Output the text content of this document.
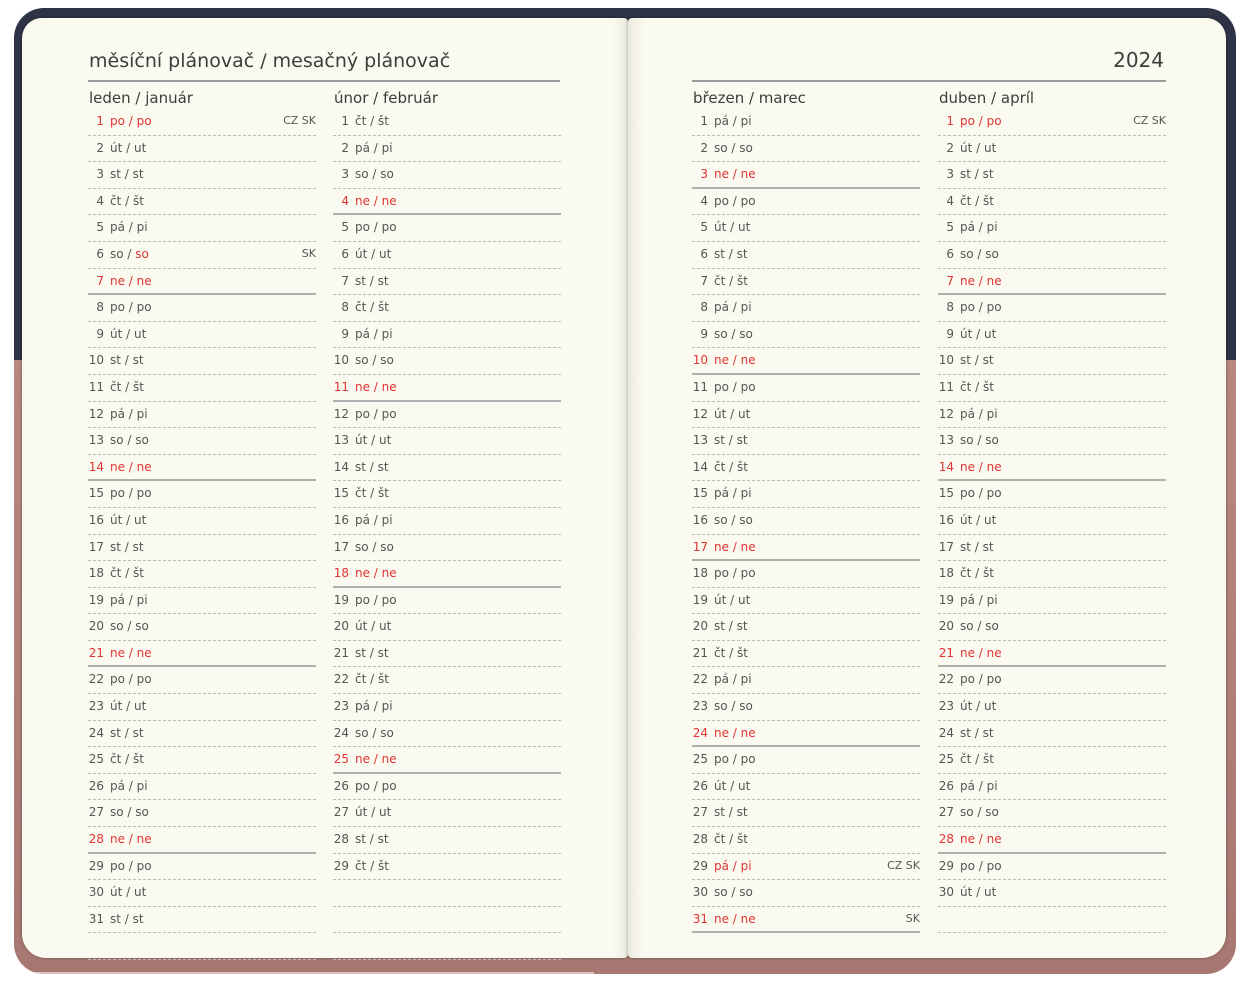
měsíční plánovač / mesačný plánovač	2024
leden / január
1 po / po	CZ SK
2 út / ut
3 st / st
4 čt / št
5 pá / pi
6 so / so	SK
7 ne / ne
8 po / po
9 út / ut
10 st / st
11 čt / št
12 pá / pi
13 so / so
14 ne / ne
15 po / po
16 út / ut
17 st / st
18 čt / št
19 pá / pi
20 so / so
21 ne / ne
22 po / po
23 út / ut
24 st / st
25 čt / št
26 pá / pi
27 so / so
28 ne / ne
29 po / po
30 út / ut
31 st / st
únor / február
1 čt / št
2 pá / pi
3 so / so
4 ne / ne
5 po / po
6 út / ut
7 st / st
8 čt / št
9 pá / pi
10 so / so
11 ne / ne
12 po / po
13 út / ut
14 st / st
15 čt / št
16 pá / pi
17 so / so
18 ne / ne
19 po / po
20 út / ut
21 st / st
22 čt / št
23 pá / pi
24 so / so
25 ne / ne
26 po / po
27 út / ut
28 st / st
29 čt / št
březen / marec
1 pá / pi
2 so / so
3 ne / ne
4 po / po
5 út / ut
6 st / st
7 čt / št
8 pá / pi
9 so / so
10 ne / ne
11 po / po
12 út / ut
13 st / st
14 čt / št
15 pá / pi
16 so / so
17 ne / ne
18 po / po
19 út / ut
20 st / st
21 čt / št
22 pá / pi
23 so / so
24 ne / ne
25 po / po
26 út / ut
27 st / st
28 čt / št
29 pá / pi	CZ SK
30 so / so
31 ne / ne	SK
duben / apríl
1 po / po	CZ SK
2 út / ut
3 st / st
4 čt / št
5 pá / pi
6 so / so
7 ne / ne
8 po / po
9 út / ut
10 st / st
11 čt / št
12 pá / pi
13 so / so
14 ne / ne
15 po / po
16 út / ut
17 st / st
18 čt / št
19 pá / pi
20 so / so
21 ne / ne
22 po / po
23 út / ut
24 st / st
25 čt / št
26 pá / pi
27 so / so
28 ne / ne
29 po / po
30 út / ut
